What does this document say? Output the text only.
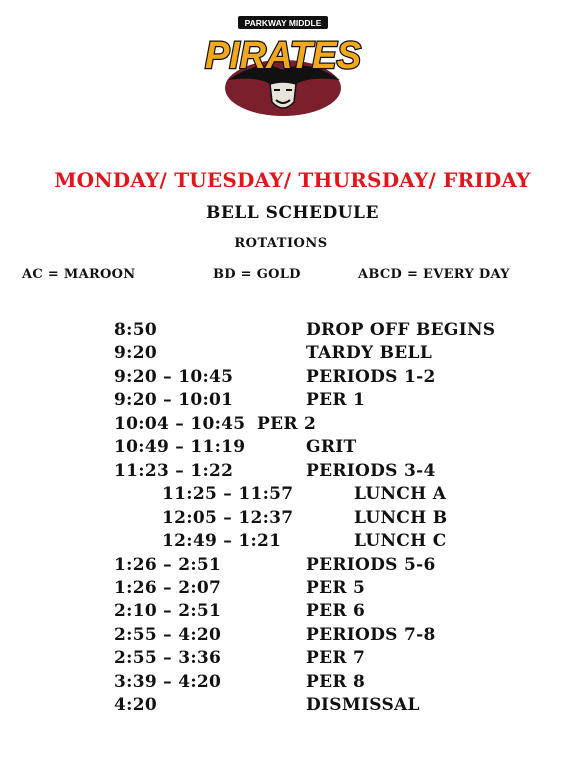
PARKWAY MIDDLE
PIRATES
MONDAY/ TUESDAY/ THURSDAY/ FRIDAY
BELL SCHEDULE
ROTATIONS
AC = MAROON	BD = GOLD	ABCD = EVERY DAY
8:50	DROP OFF BEGINS
9:20	TARDY BELL
9:20 – 10:45	PERIODS 1-2
9:20 – 10:01	PER 1
10:04 – 10:45 PER 2
10:49 – 11:19	GRIT
11:23 – 1:22	PERIODS 3-4
11:25 – 11:57	LUNCH A
12:05 – 12:37	LUNCH B
12:49 – 1:21	LUNCH C
1:26 – 2:51	PERIODS 5-6
1:26 – 2:07	PER 5
2:10 – 2:51	PER 6
2:55 – 4:20	PERIODS 7-8
2:55 – 3:36	PER 7
3:39 – 4:20	PER 8
4:20	DISMISSAL
